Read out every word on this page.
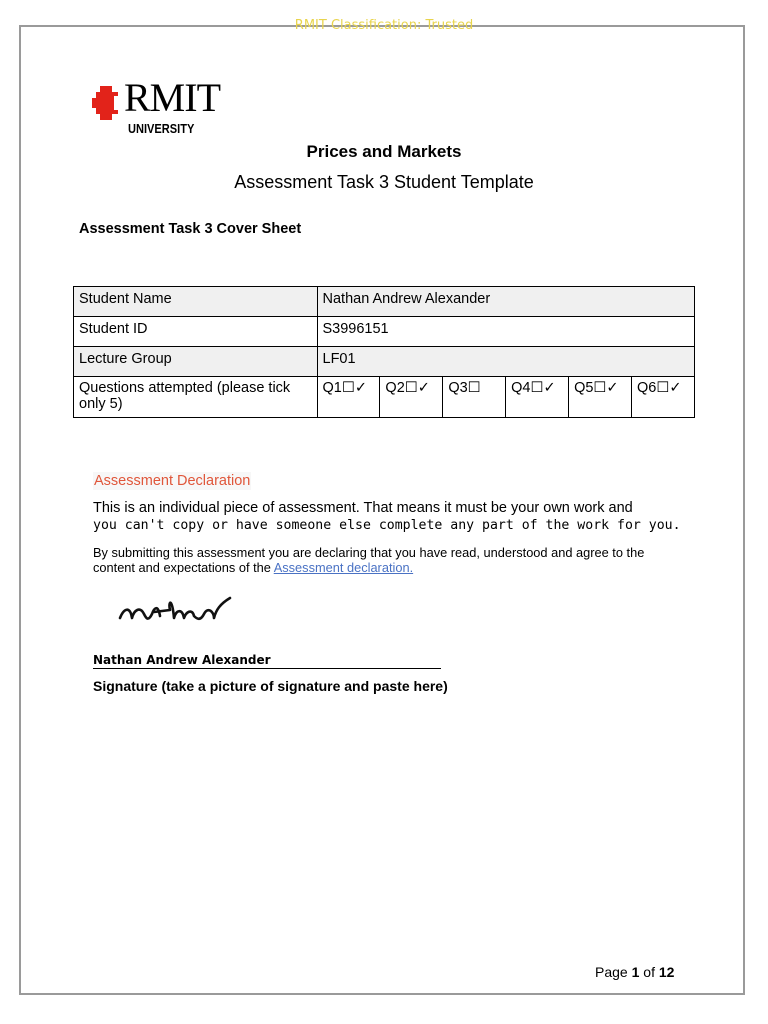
RMIT Classification: Trusted
RMIT
UNIVERSITY
Prices and Markets
Assessment Task 3 Student Template
Assessment Task 3 Cover Sheet
Student Name	Nathan Andrew Alexander					
Student ID	S3996151					
Lecture Group	LF01					
Questions attempted (please tick only 5)	Q1☐✓	Q2☐✓	Q3☐	Q4☐✓	Q5☐✓	Q6☐✓
Assessment Declaration
This is an individual piece of assessment. That means it must be your own work and
you can't copy or have someone else complete any part of the work for you.
By submitting this assessment you are declaring that you have read, understood and agree to the content and expectations of the Assessment declaration.
Nathan Andrew Alexander
Signature (take a picture of signature and paste here)
Page 1 of 12
